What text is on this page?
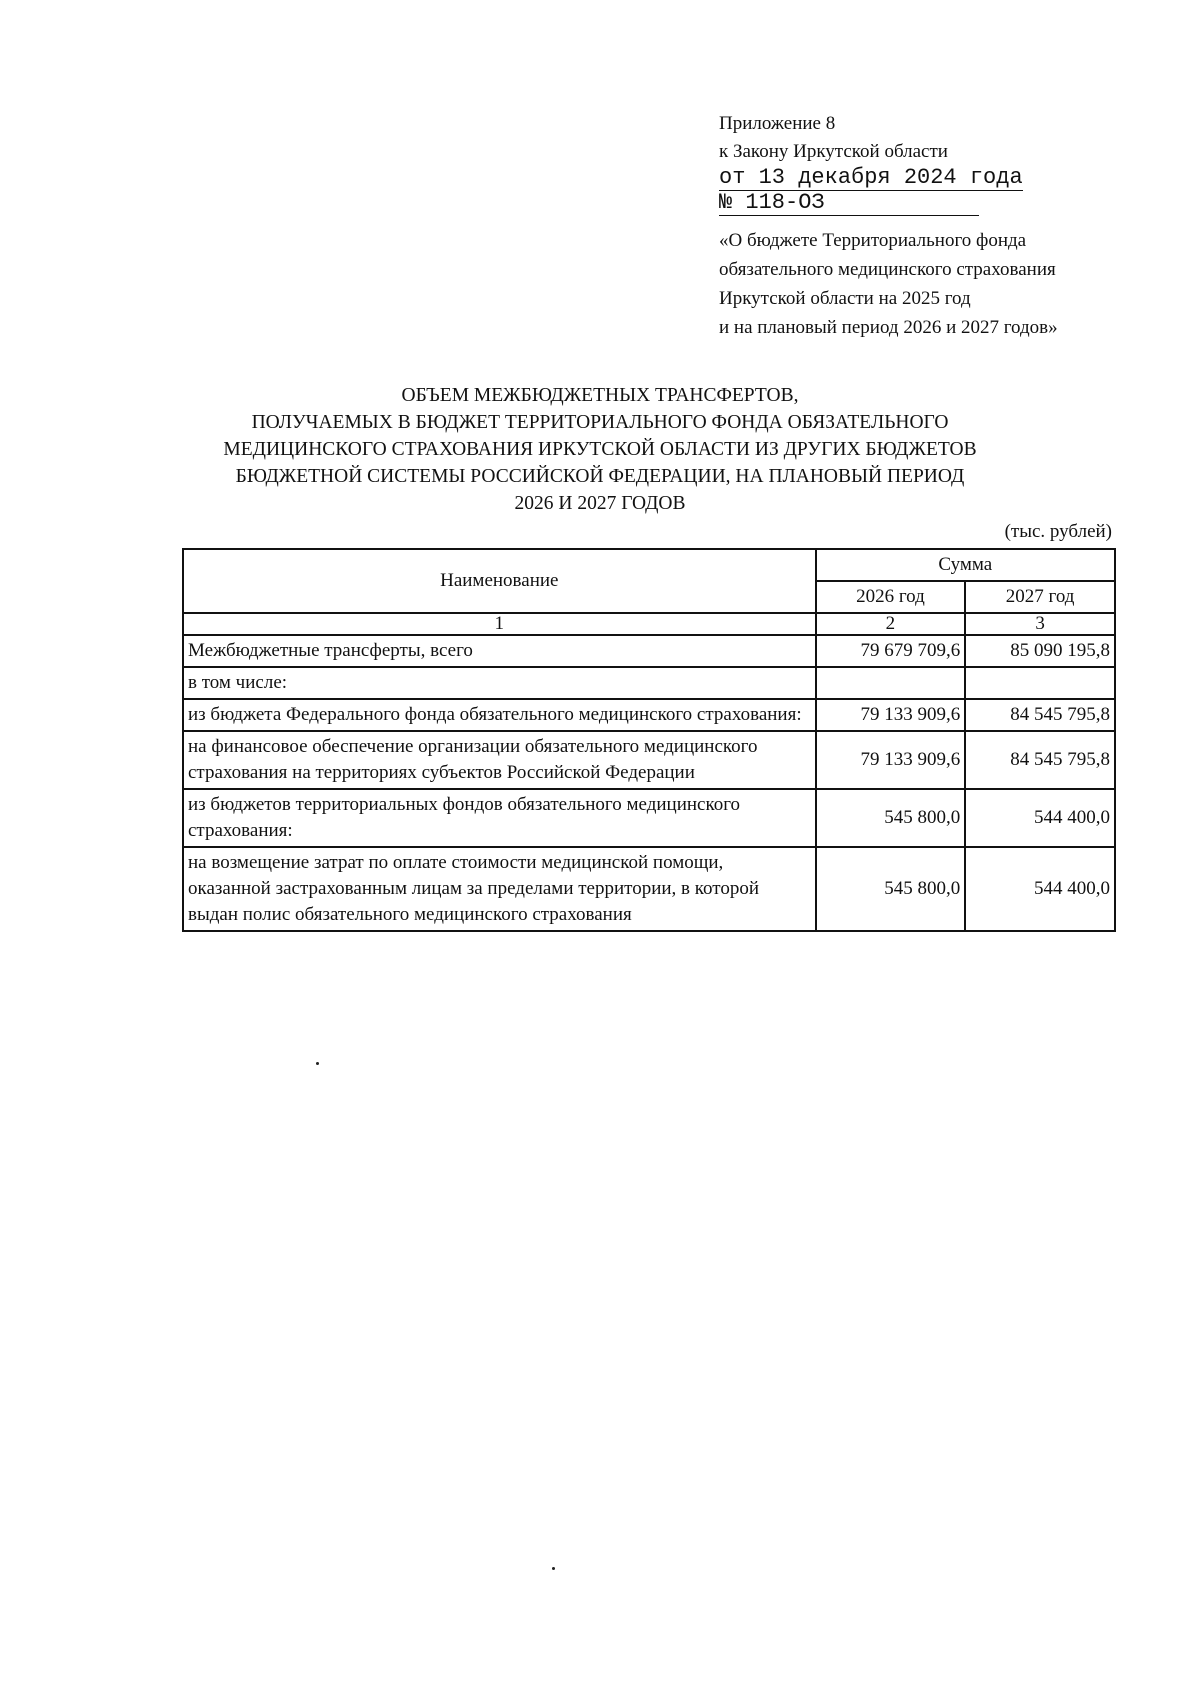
Приложение 8
к Закону Иркутской области
от 13 декабря 2024 года
№ 118-ОЗ
«О бюджете Территориального фонда
обязательного медицинского страхования
Иркутской области на 2025 год
и на плановый период 2026 и 2027 годов»
ОБЪЕМ МЕЖБЮДЖЕТНЫХ ТРАНСФЕРТОВ,
ПОЛУЧАЕМЫХ В БЮДЖЕТ ТЕРРИТОРИАЛЬНОГО ФОНДА ОБЯЗАТЕЛЬНОГО
МЕДИЦИНСКОГО СТРАХОВАНИЯ ИРКУТСКОЙ ОБЛАСТИ ИЗ ДРУГИХ БЮДЖЕТОВ
БЮДЖЕТНОЙ СИСТЕМЫ РОССИЙСКОЙ ФЕДЕРАЦИИ, НА ПЛАНОВЫЙ ПЕРИОД
2026 И 2027 ГОДОВ
(тыс. рублей)
Наименование	Сумма	
	2026 год	2027 год
1	2	3
Межбюджетные трансферты, всего	79 679 709,6	85 090 195,8
в том числе:		
из бюджета Федерального фонда обязательного медицинского страхования:	79 133 909,6	84 545 795,8
на финансовое обеспечение организации обязательного медицинского страхования на территориях субъектов Российской Федерации	79 133 909,6	84 545 795,8
из бюджетов территориальных фондов обязательного медицинского страхования:	545 800,0	544 400,0
на возмещение затрат по оплате стоимости медицинской помощи, оказанной застрахованным лицам за пределами территории, в которой выдан полис обязательного медицинского страхования	545 800,0	544 400,0
